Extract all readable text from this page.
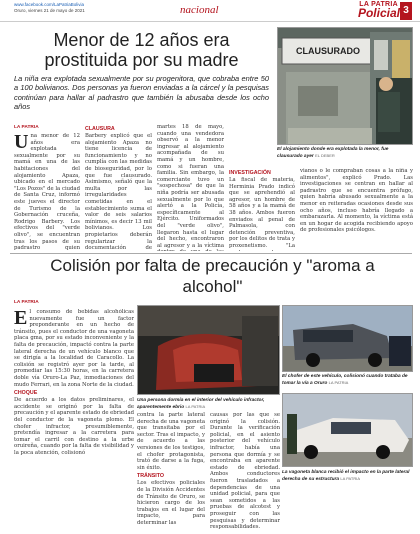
www.facebook.com/LaPatriaBolivia
Oruro, viernes 21 de mayo de 2021	nacional	LA PATRIA
Policial 3
Menor de 12 años era prostituida por su madre
La niña era explotada sexualmente por su progenitora, que cobraba entre 50 a 100 bolivianos. Dos personas ya fueron enviadas a la cárcel y la pesquisas continúan para hallar al padrastro que también la abusaba desde los ocho años
CLAUSURADO
El alojamiento donde era explotada la menor, fue clausurado ayer EL DEBER
LA PATRIA
Una menor de 12 años era explotada sexualmente por su mamá en una de las habitaciones del alojamiento Apaza, ubicado en el mercado "Los Pozos" de la ciudad de Santa Cruz, informó este jueves el director de Turismo de la Gobernación cruceña, Rodrigo Barbery. Los efectivos del "verde olivo", se encuentran tras los pasos de su padrastro quien
CLAUSURA
Barbery explicó que el alojamiento Apaza no tiene licencia de funcionamiento y no cumplía con las medidas de bioseguridad, por lo que fue clausurado. Asimismo, señaló que la multa por las irregularidades cometidas en el establecimiento suma el valor de seis salarios mínimos, es decir 13 mil bolivianos. Los propietarios deberán regularizar la documentación de
martes 18 de mayo, cuando una vendedora observó a la menor ingresar al alojamiento acompañada de su mamá y un hombre, como si fueran una familia. Sin embargo, la comerciante tuvo un "sospechosa" de que la niña podría ser abusada sexualmente por lo que alertó a la Policía, específicamente al Ejército. Uniformados del "verde olivo", llegaron hasta el lugar del hecho, encontraron al agresor y a la víctima
INVESTIGACIÓN
La fiscal de materia, Herminia Prado indicó que se aprehendió al agresor, un hombre de 58 años y a la mamá de 38 años. Ambos fueron enviados al penal de Palmasola, con detención preventiva, por los delitos de trata y proxenetismo. "La
vianos o le compraban cosas a la niña y alimentos", explicó Prado. Las investigaciones se centran en hallar al padrastro que se encuentra prófugo, quien habría abusado sexualmente a la menor en reiteradas ocasiones desde sus ocho años, incluso habría llegado a embarazarla. Al momento, la víctima está en un hogar de acogida recibiendo apoyo de profesionales psicólogos.
Colisión por falta de precaución y "aroma a alcohol"
LA PATRIA
El consumo de bebidas alcohólicas nuevamente fue un factor preponderante en un hecho de tránsito, pues el conductor de una vagoneta placa gma, por su estado inconveniente y la falta de precaución, impactó contra la parte lateral derecha de un vehículo blanco que se dirigía a la localidad de Caracollo. La colisión se registró ayer por la tarde, al promediar las 15:30 horas, en la carretera doble vía Oruro-La Paz, inmediaciones del mudo Ferrari, en la zona Norte de la ciudad.
CHOQUE
De acuerdo a los datos preliminares, el accidente se originó por la falta de precaución y el aparente estado de ebriedad del conductor de la vagoneta plomo. El chofer infractor, presumiblemente, pretendía ingresar a la carretera para tomar el carril con destino a la urbe oruireña, cuando por la falta de visibilidad y la poca atención, colisionó
Una persona dormía en el interior del vehículo infractor, aparentemente ebrio LA PATRIA
El chofer de este vehículo, colisionó cuando trataba de tomar la vía a Oruro LA PATRIA
La vagoneta blanca recibió el impacto en la parte lateral derecha de su estructura LA PATRIA
contra la parte lateral derecha de una vagoneta que transitaba por el sector. Tras el impacto, y de acuerdo a las versiones de los testigos, el chofer protagonista, trató de darse a la fuga, sin éxito.
TRÁNSITO
Los efectivos policiales de la División Accidentes de Tránsito de Oruro, se hicieron cargo de los trabajos en el lugar del impacto, para determinar las
causas por las que se originó la colisión. Durante la verificación policial, en el asiento posterior del vehículo infractor, había una persona que dormía y se encontraba en aparente estado de ebriedad. Ambos conductores fueron trasladados a dependencias de una unidad policial, para que sean sometidos a las pruebas de alcotest y proseguir con las pesquisas y determinar responsabilidades.
